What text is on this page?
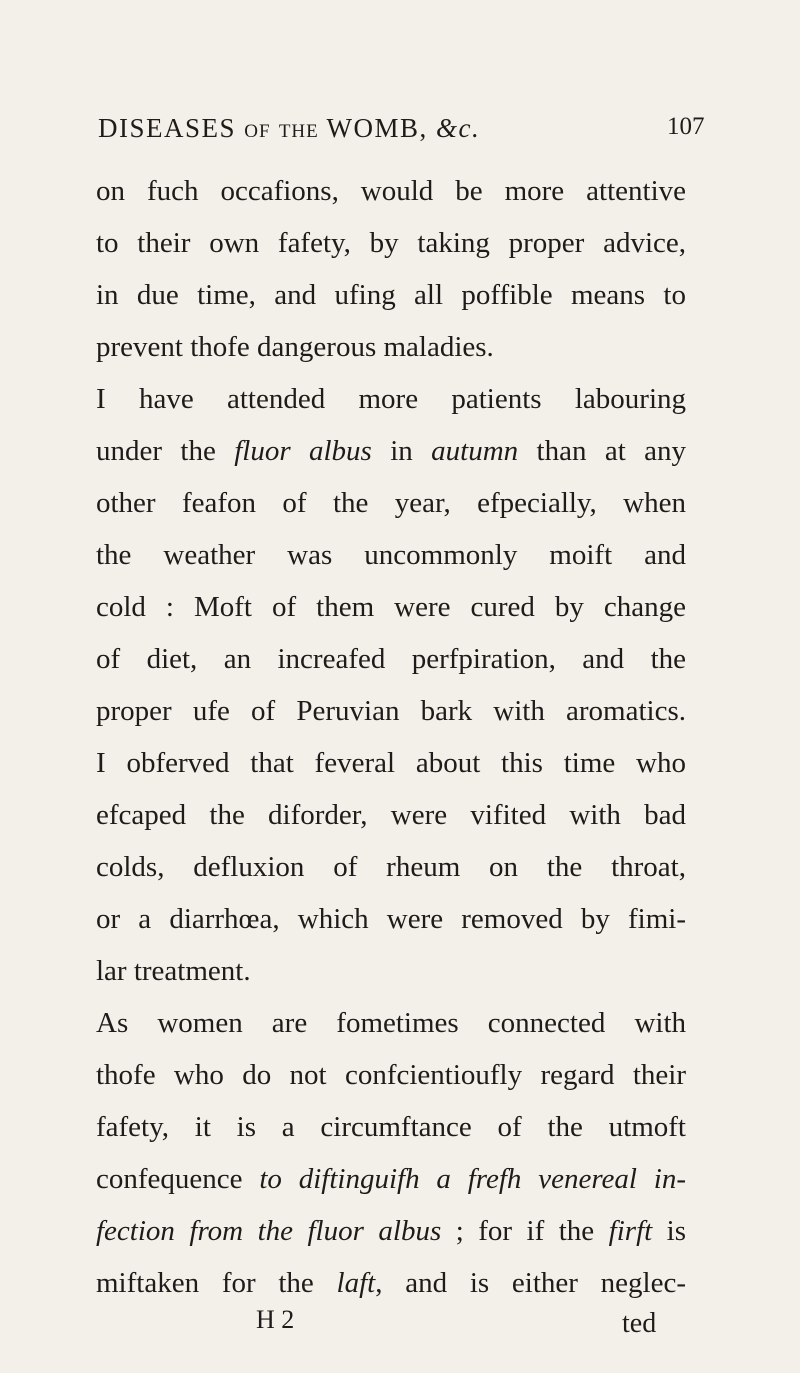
DISEASES OF THE WOMB, &c.	107
on fuch occafions, would be more attentive
to their own fafety, by taking proper advice,
in due time, and ufing all poffible means to
prevent thofe dangerous maladies.
I have attended more patients labouring
under the fluor albus in autumn than at any
other feafon of the year, efpecially, when
the weather was uncommonly moift and
cold : Moft of them were cured by change
of diet, an increafed perfpiration, and the
proper ufe of Peruvian bark with aromatics.
I obferved that feveral about this time who
efcaped the diforder, were vifited with bad
colds, defluxion of rheum on the throat,
or a diarrhœa, which were removed by fimi-
lar treatment.
As women are fometimes connected with
thofe who do not confcientioufly regard their
fafety, it is a circumftance of the utmoft
confequence to diftinguifh a frefh venereal in-
fection from the fluor albus ; for if the firft is
miftaken for the laft, and is either neglec-
H 2	ted
